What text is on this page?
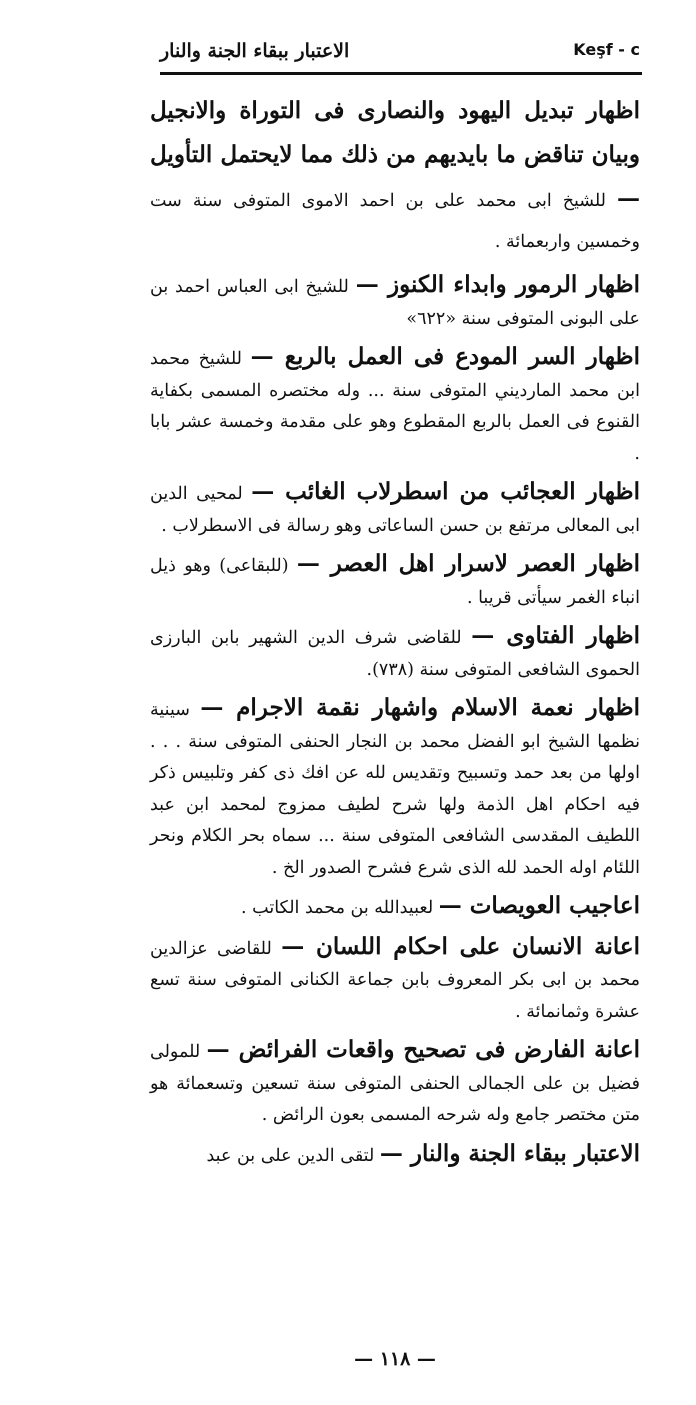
الاعتبار ببقاء الجنة والنار	Keşf - c

اظهار تبديل اليهود والنصارى فى التوراة والانجيل وبيان تناقض ما بايديهم من ذلك مما لايحتمل التأويل — للشيخ ابى محمد على بن احمد الاموى المتوفى سنة ست وخمسين واربعمائة .

اظهار الرمور وابداء الكنوز — للشيخ ابى العباس احمد بن على البونى المتوفى سنة «٦٢٢»

اظهار السر المودع فى العمل بالربع — للشيخ محمد ابن محمد المارديني المتوفى سنة ... وله مختصره المسمى بكفاية القنوع فى العمل بالربع المقطوع وهو على مقدمة وخمسة عشر بابا .

اظهار العجائب من اسطرلاب الغائب — لمحيى الدين ابى المعالى مرتفع بن حسن الساعاتى وهو رسالة فى الاسطرلاب .

اظهار العصر لاسرار اهل العصر — (للبقاعى) وهو ذيل انباء الغمر سيأتى قريبا .

اظهار الفتاوى — للقاضى شرف الدين الشهير بابن البارزى الحموى الشافعى المتوفى سنة (٧٣٨).

اظهار نعمة الاسلام واشهار نقمة الاجرام — سينية نظمها الشيخ ابو الفضل محمد بن النجار الحنفى المتوفى سنة . . . اولها من بعد حمد وتسبيح وتقديس لله عن افك ذى كفر وتلبيس ذكر فيه احكام اهل الذمة ولها شرح لطيف ممزوج لمحمد ابن عبد اللطيف المقدسى الشافعى المتوفى سنة ... سماه بحر الكلام ونحر اللئام اوله الحمد لله الذى شرع فشرح الصدور الخ .

اعاجيب العويصات — لعبيدالله بن محمد الكاتب .

اعانة الانسان على احكام اللسان — للقاضى عزالدين محمد بن ابى بكر المعروف بابن جماعة الكنانى المتوفى سنة تسع عشرة وثمانمائة .

اعانة الفارض فى تصحيح واقعات الفرائض — للمولى فضيل بن على الجمالى الحنفى المتوفى سنة تسعين وتسعمائة هو متن مختصر جامع وله شرحه المسمى بعون الرائض .

الاعتبار ببقاء الجنة والنار — لتقى الدين على بن عبد

— ١١٨ —
